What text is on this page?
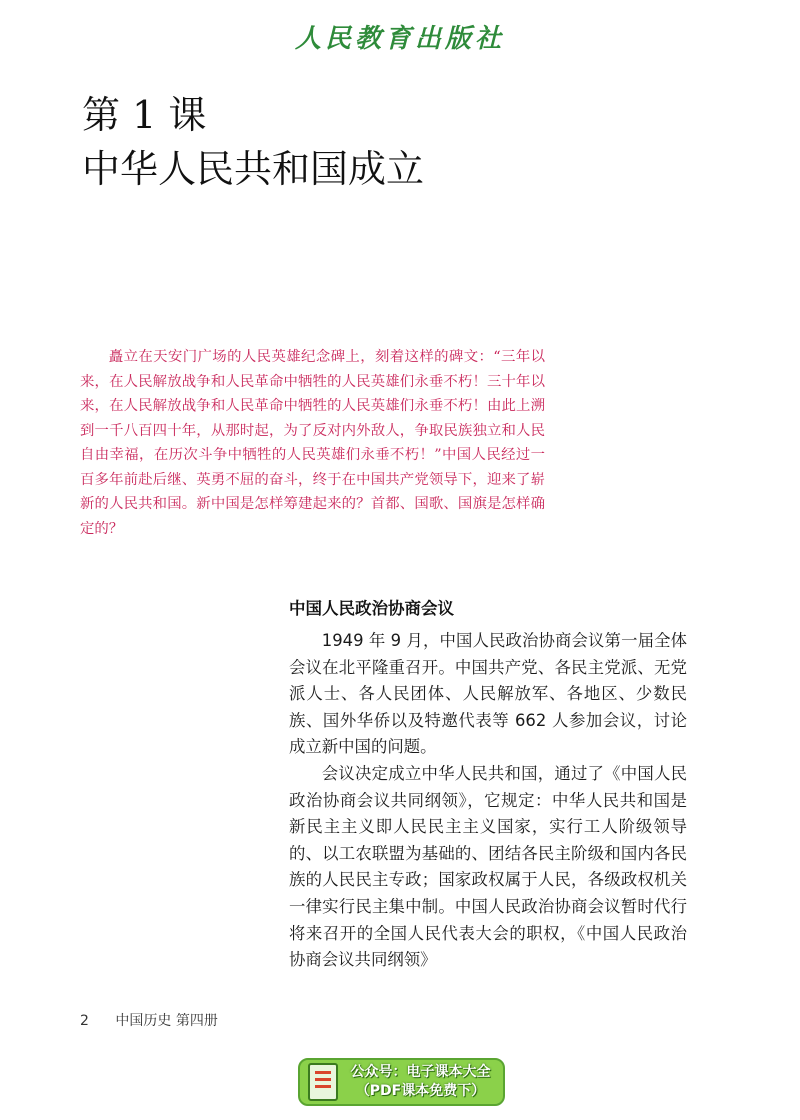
人民教育出版社
第 1 课
中华人民共和国成立

矗立在天安门广场的人民英雄纪念碑上，刻着这样的碑文：“三年以来，在人民解放战争和人民革命中牺牲的人民英雄们永垂不朽！三十年以来，在人民解放战争和人民革命中牺牲的人民英雄们永垂不朽！由此上溯到一千八百四十年，从那时起，为了反对内外敌人，争取民族独立和人民自由幸福，在历次斗争中牺牲的人民英雄们永垂不朽！”中国人民经过一百多年前赴后继、英勇不屈的奋斗，终于在中国共产党领导下，迎来了崭新的人民共和国。新中国是怎样筹建起来的？首都、国歌、国旗是怎样确定的？

中国人民政治协商会议

1949 年 9 月，中国人民政治协商会议第一届全体会议在北平隆重召开。中国共产党、各民主党派、无党派人士、各人民团体、人民解放军、各地区、少数民族、国外华侨以及特邀代表等 662 人参加会议，讨论成立新中国的问题。

会议决定成立中华人民共和国，通过了《中国人民政治协商会议共同纲领》，它规定：中华人民共和国是新民主主义即人民民主主义国家，实行工人阶级领导的、以工农联盟为基础的、团结各民主阶级和国内各民族的人民民主专政；国家政权属于人民，各级政权机关一律实行民主集中制。中国人民政治协商会议暂时代行将来召开的全国人民代表大会的职权，《中国人民政治协商会议共同纲领》

2 中国历史 第四册
公众号：电子课本大全
（PDF课本免费下）
